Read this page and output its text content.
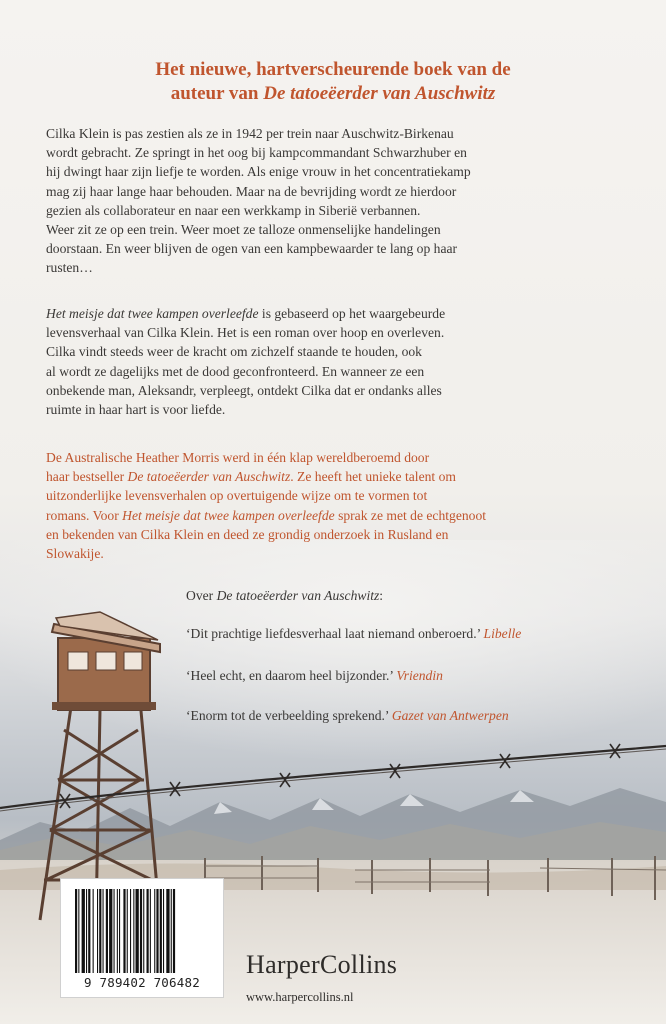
Het nieuwe, hartverscheurende boek van de
auteur van De tatoeëerder van Auschwitz
Cilka Klein is pas zestien als ze in 1942 per trein naar Auschwitz-Birkenau
wordt gebracht. Ze springt in het oog bij kampcommandant Schwarzhuber en
hij dwingt haar zijn liefje te worden. Als enige vrouw in het concentratiekamp
mag zij haar lange haar behouden. Maar na de bevrijding wordt ze hierdoor
gezien als collaborateur en naar een werkkamp in Siberië verbannen.
Weer zit ze op een trein. Weer moet ze talloze onmenselijke handelingen
doorstaan. En weer blijven de ogen van een kampbewaarder te lang op haar
rusten…
Het meisje dat twee kampen overleefde is gebaseerd op het waargebeurde
levensverhaal van Cilka Klein. Het is een roman over hoop en overleven.
Cilka vindt steeds weer de kracht om zichzelf staande te houden, ook
al wordt ze dagelijks met de dood geconfronteerd. En wanneer ze een
onbekende man, Aleksandr, verpleegt, ontdekt Cilka dat er ondanks alles
ruimte in haar hart is voor liefde.
De Australische Heather Morris werd in één klap wereldberoemd door
haar bestseller De tatoeëerder van Auschwitz. Ze heeft het unieke talent om
uitzonderlijke levensverhalen op overtuigende wijze om te vormen tot
romans. Voor Het meisje dat twee kampen overleefde sprak ze met de echtgenoot
en bekenden van Cilka Klein en deed ze grondig onderzoek in Rusland en
Slowakije.
Over De tatoeëerder van Auschwitz:
‘Dit prachtige liefdesverhaal laat niemand onberoerd.’ Libelle
‘Heel echt, en daarom heel bijzonder.’ Vriendin
‘Enorm tot de verbeelding sprekend.’ Gazet van Antwerpen
9 789402 706482
HarperCollins
www.harpercollins.nl
